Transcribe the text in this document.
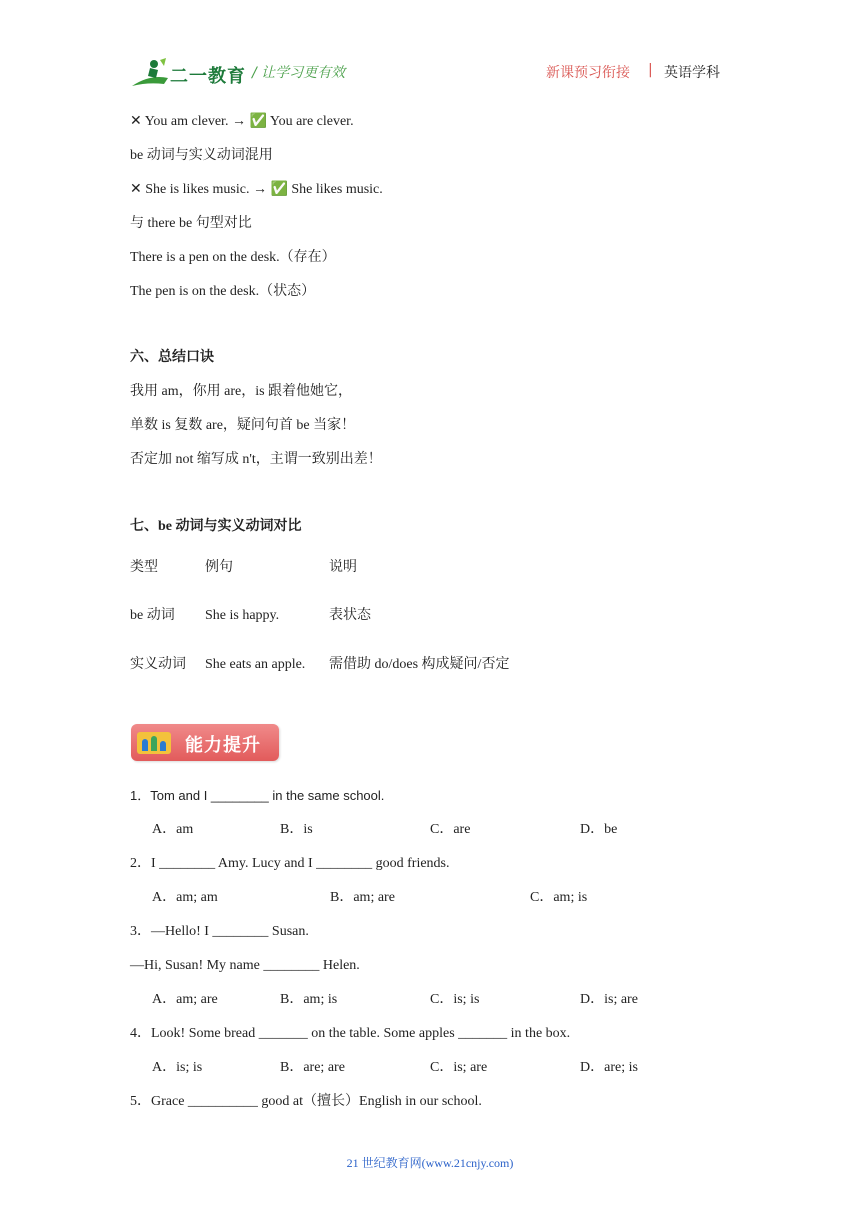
二一教育 / 让学习更有效	新课预习衔接 | 英语学科
✕ You am clever. → ✅ You are clever.
be 动词与实义动词混用
✕ She is likes music. → ✅ She likes music.
与 there be 句型对比
There is a pen on the desk.（存在）
The pen is on the desk.（状态）
六、总结口诀
我用 am，你用 are，is 跟着他她它，
单数 is 复数 are，疑问句首 be 当家！
否定加 not 缩写成 n't，主谓一致别出差！
七、be 动词与实义动词对比
类型	例句	说明
be 动词 She is happy.	表状态
实义动词 She eats an apple. 需借助 do/does 构成疑问/否定
能力提升
1．Tom and I ________ in the same school.
A．am	B．is	C．are	D．be
2．I ________ Amy. Lucy and I ________ good friends.
A．am; am	B．am; are	C．am; is
3．—Hello! I ________ Susan.
—Hi, Susan! My name ________ Helen.
A．am; are	B．am; is	C．is; is	D．is; are
4．Look! Some bread _______ on the table. Some apples _______ in the box.
A．is; is	B．are; are	C．is; are	D．are; is
5．Grace __________ good at（擅长）English in our school.
21 世纪教育网(www.21cnjy.com)
